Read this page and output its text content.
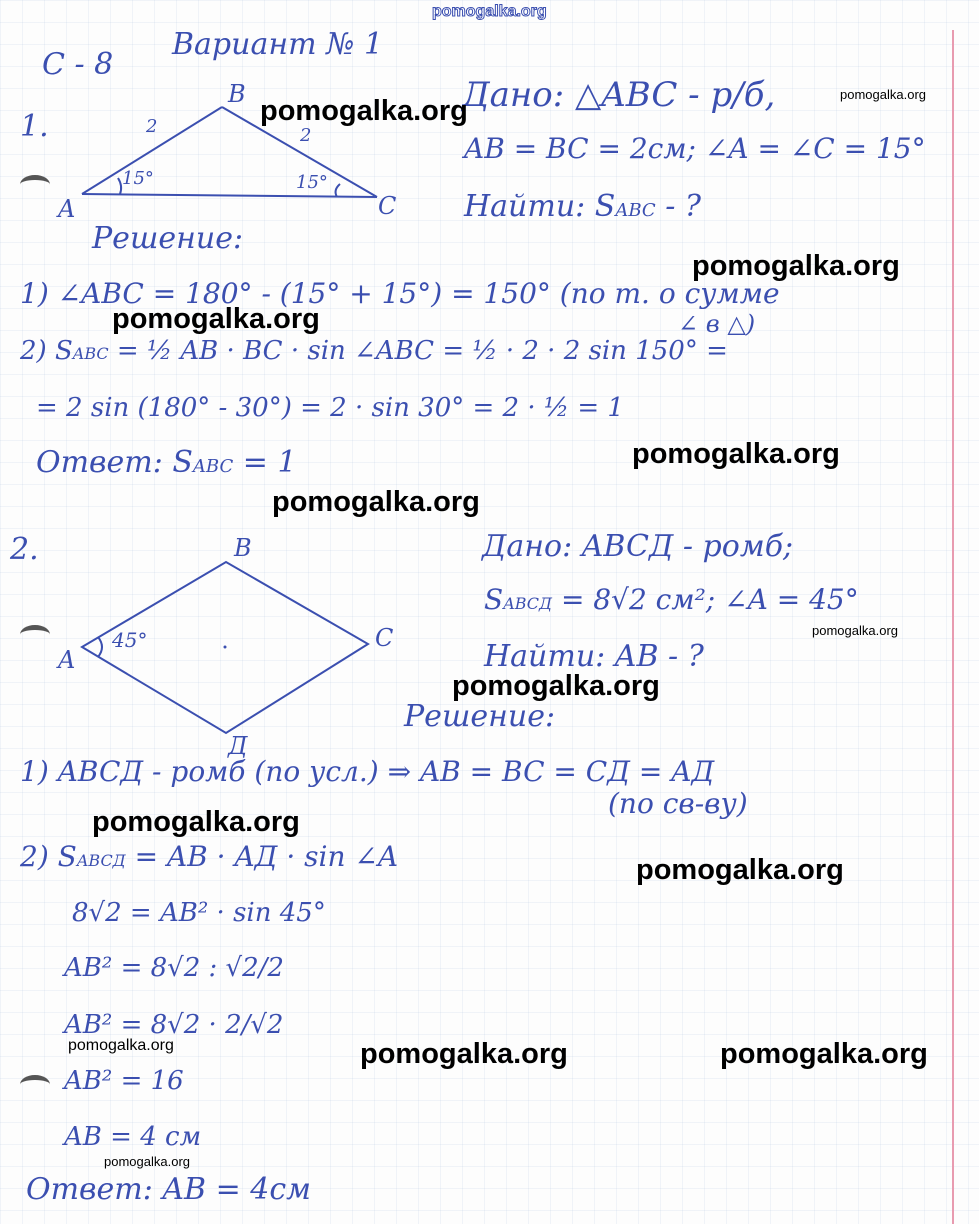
pomogalka.org
С - 8
Вариант № 1
1.
B
A	C
2	2
15°	15°
Дано: △ABC - р/б,
AB = BC = 2см; ∠A = ∠C = 15°
Найти: SABC - ?
Решение:
1) ∠ABC = 180° - (15° + 15°) = 150° (по т. о сумме
∠ в △)
2) SABC = ½ AB · BC · sin ∠ABC = ½ · 2 · 2 sin 150° =
= 2 sin (180° - 30°) = 2 · sin 30° = 2 · ½ = 1
Ответ: SABC = 1
2.	B
A
C
Д
45°
Дано: ABCД - ромб;
SABCД = 8√2 см²; ∠A = 45°
Найти: AB - ?
Решение:
1) ABCД - ромб (по усл.) ⇒ AB = BC = CД = AД
(по св-ву)
2) SABCД = AB · AД · sin ∠A
8√2 = AB² · sin 45°
AB² = 8√2 : √2/2
AB² = 8√2 · 2/√2
AB² = 16
AB = 4 см
Ответ: AB = 4см
pomogalka.org
pomogalka.org
pomogalka.org
pomogalka.org
pomogalka.org
pomogalka.org
pomogalka.org
pomogalka.org
pomogalka.org	pomogalka.org
pomogalka.org
pomogalka.org
pomogalka.org
pomogalka.org
